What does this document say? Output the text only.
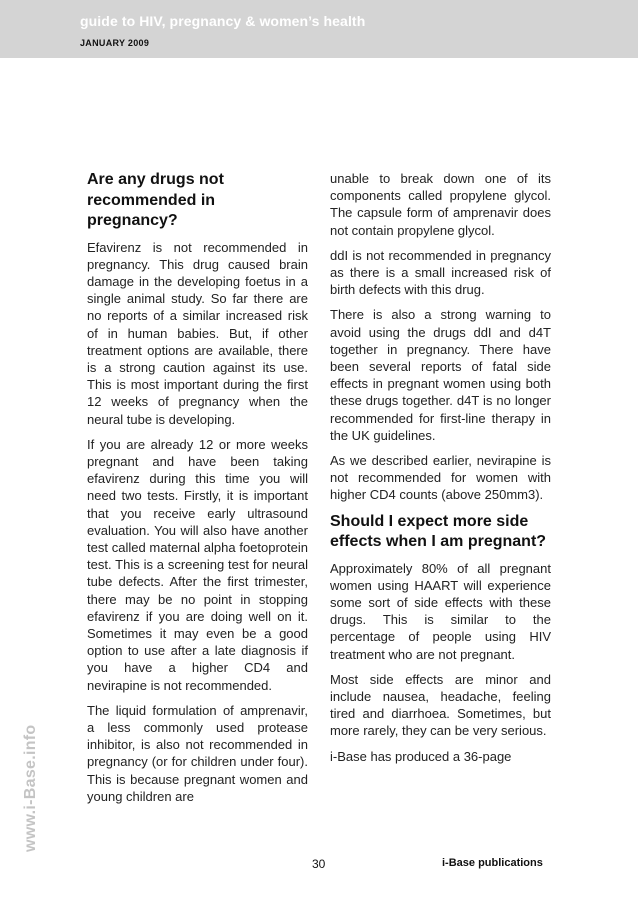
guide to HIV, pregnancy & women’s health
JANUARY 2009
www.i-Base.info
Are any drugs not recommended in pregnancy?

Efavirenz is not recommended in pregnancy. This drug caused brain damage in the developing foetus in a single animal study. So far there are no reports of a similar increased risk of in human babies. But, if other treatment options are available, there is a strong caution against its use. This is most important during the first 12 weeks of pregnancy when the neural tube is developing.

If you are already 12 or more weeks pregnant and have been taking efavirenz during this time you will need two tests. Firstly, it is important that you receive early ultrasound evaluation. You will also have another test called maternal alpha foetoprotein test. This is a screening test for neural tube defects. After the first trimester, there may be no point in stopping efavirenz if you are doing well on it. Sometimes it may even be a good option to use after a late diagnosis if you have a higher CD4 and nevirapine is not recommended.

The liquid formulation of amprenavir, a less commonly used protease inhibitor, is also not recommended in pregnancy (or for children under four). This is because pregnant women and young children are

unable to break down one of its components called propylene glycol. The capsule form of amprenavir does not contain propylene glycol.

ddI is not recommended in pregnancy as there is a small increased risk of birth defects with this drug.

There is also a strong warning to avoid using the drugs ddI and d4T together in pregnancy. There have been several reports of fatal side effects in pregnant women using both these drugs together. d4T is no longer recommended for first-line therapy in the UK guidelines.

As we described earlier, nevirapine is not recommended for women with higher CD4 counts (above 250mm3).

Should I expect more side effects when I am pregnant?

Approximately 80% of all pregnant women using HAART will experience some sort of side effects with these drugs. This is similar to the percentage of people using HIV treatment who are not pregnant.

Most side effects are minor and include nausea, headache, feeling tired and diarrhoea. Sometimes, but more rarely, they can be very serious.

i-Base has produced a 36-page

30	i-Base publications
